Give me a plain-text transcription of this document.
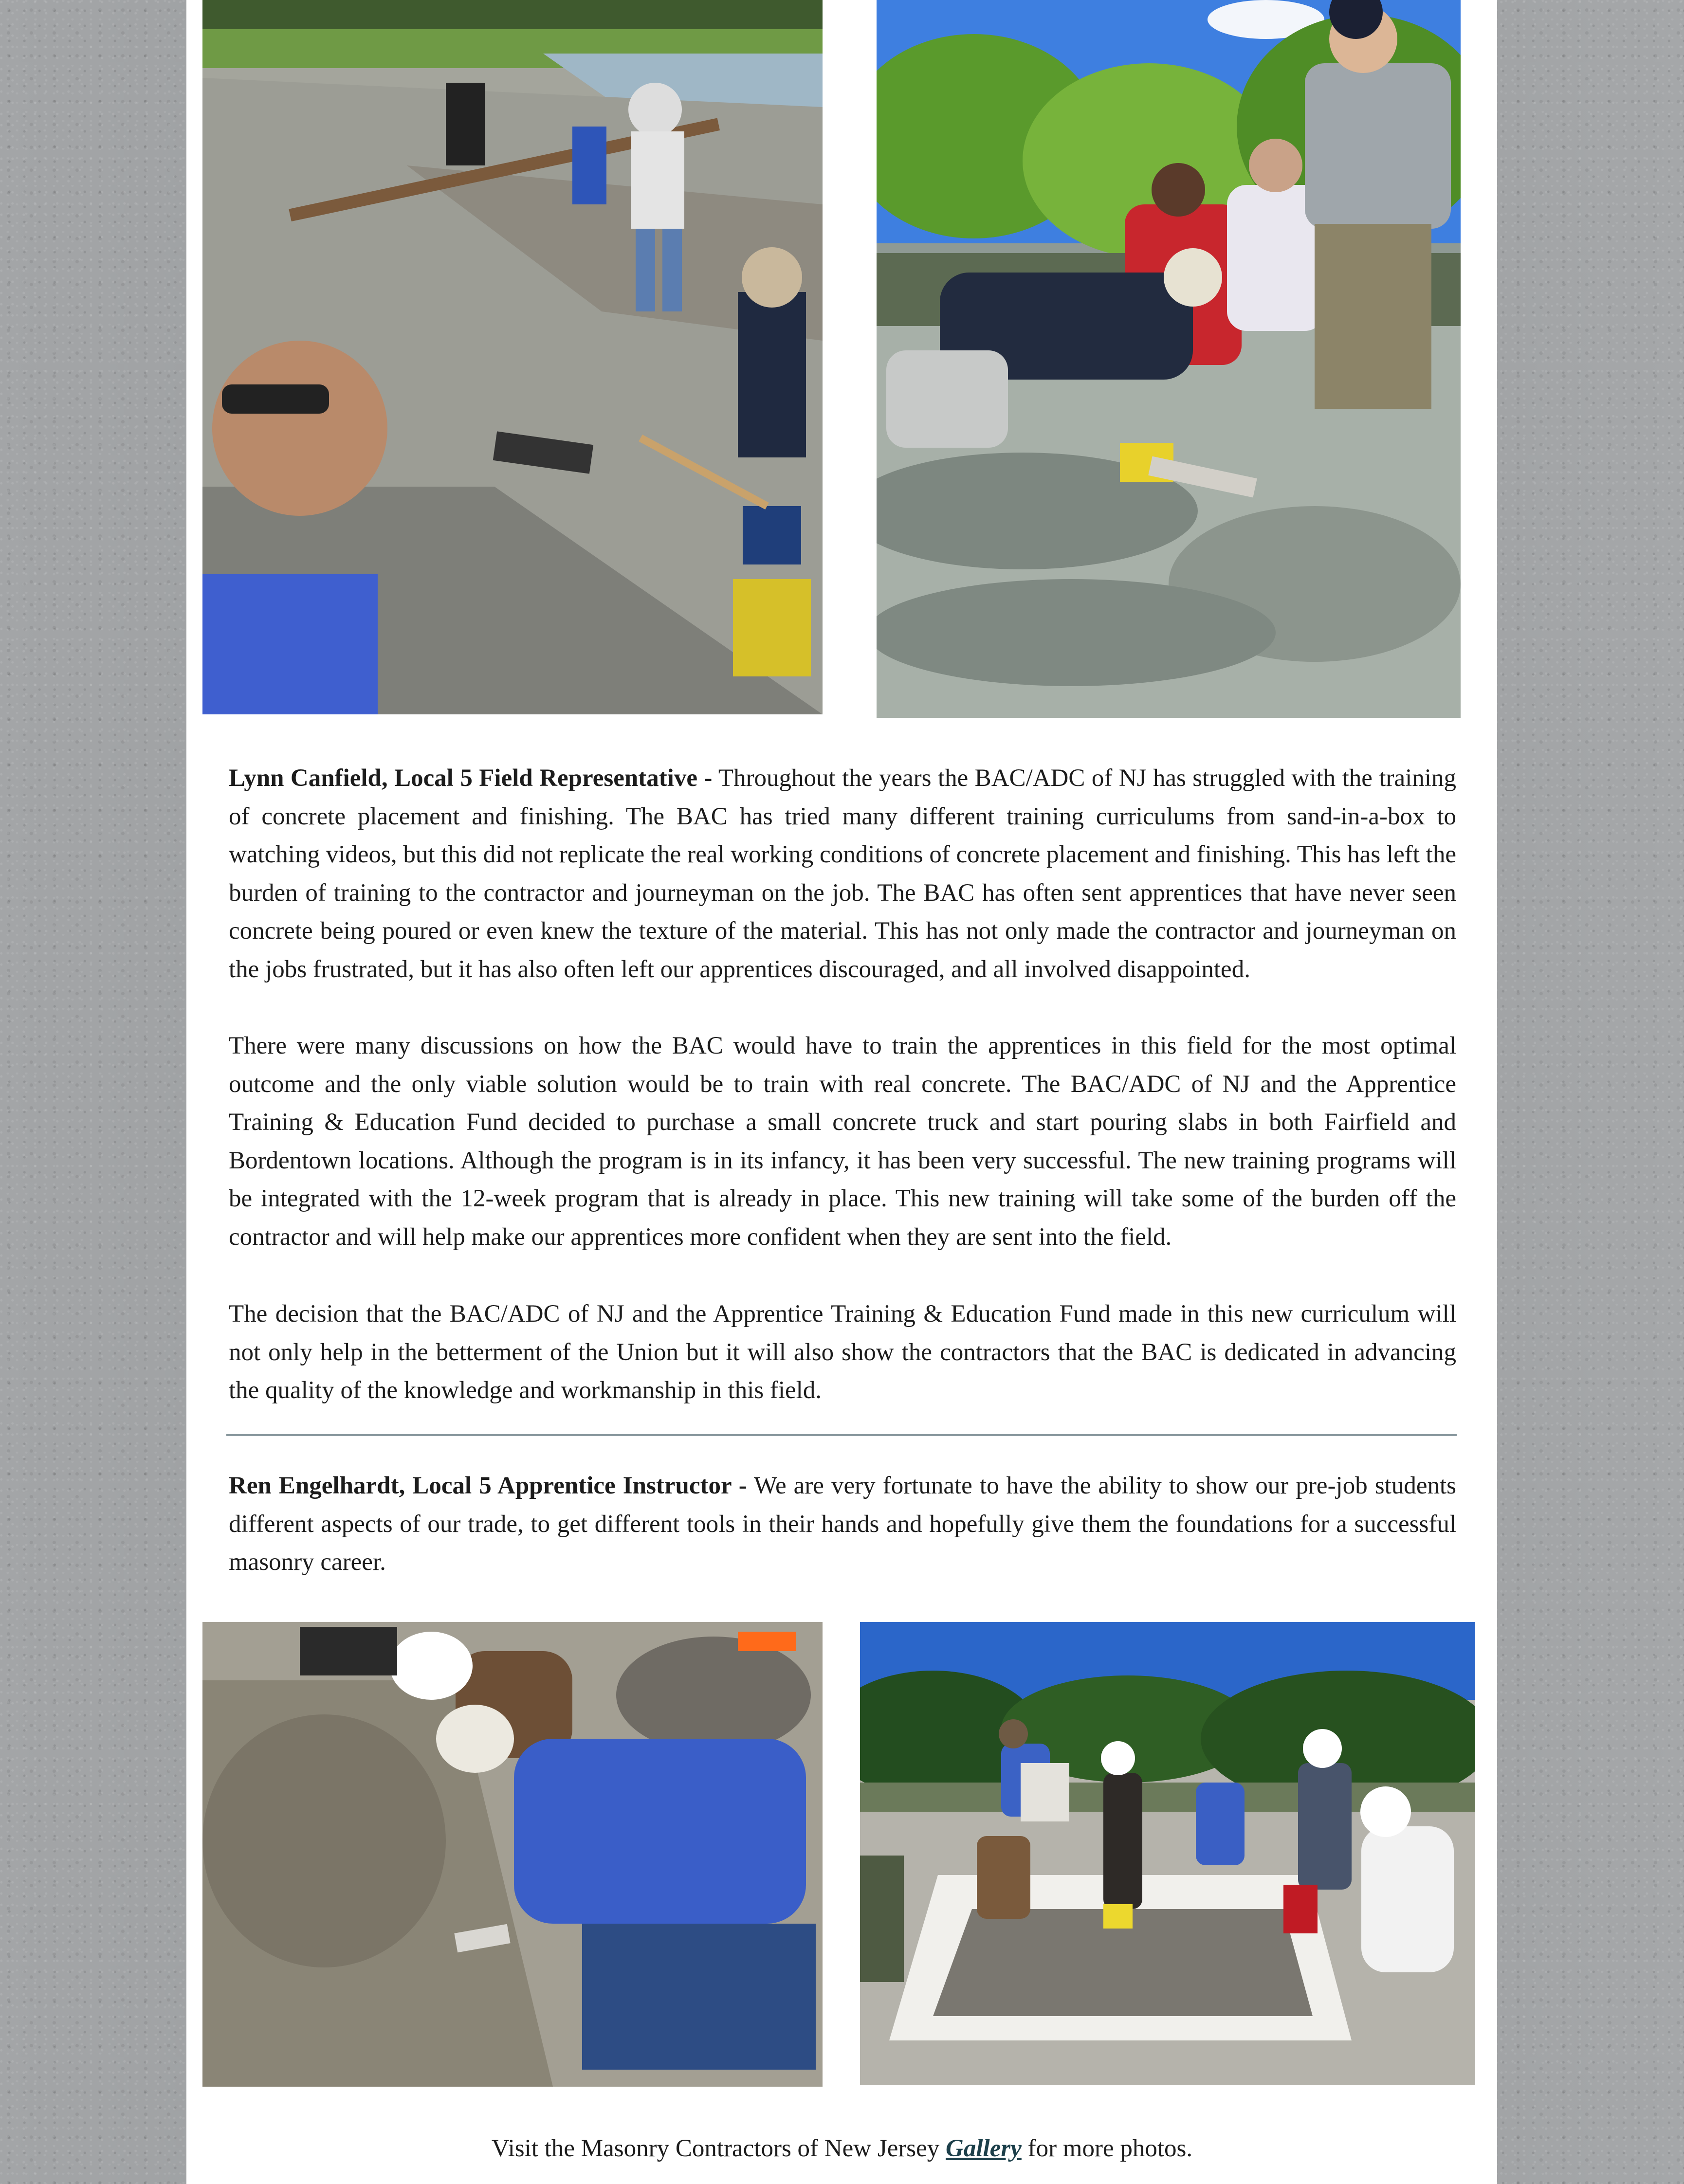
Lynn Canfield, Local 5 Field Representative - Throughout the years the BAC/ADC of NJ has struggled with the training of concrete placement and finishing. The BAC has tried many different training curriculums from sand-in-a-box to watching videos, but this did not replicate the real working conditions of concrete placement and finishing. This has left the burden of training to the contractor and journeyman on the job. The BAC has often sent apprentices that have never seen concrete being poured or even knew the texture of the material. This has not only made the contractor and journeyman on the jobs frustrated, but it has also often left our apprentices discouraged, and all involved disappointed.

There were many discussions on how the BAC would have to train the apprentices in this field for the most optimal outcome and the only viable solution would be to train with real concrete. The BAC/ADC of NJ and the Apprentice Training & Education Fund decided to purchase a small concrete truck and start pouring slabs in both Fairfield and Bordentown locations. Although the program is in its infancy, it has been very successful. The new training programs will be integrated with the 12-week program that is already in place. This new training will take some of the burden off the contractor and will help make our apprentices more confident when they are sent into the field.

The decision that the BAC/ADC of NJ and the Apprentice Training & Education Fund made in this new curriculum will not only help in the betterment of the Union but it will also show the contractors that the BAC is dedicated in advancing the quality of the knowledge and workmanship in this field.

Ren Engelhardt, Local 5 Apprentice Instructor - We are very fortunate to have the ability to show our pre-job students different aspects of our trade, to get different tools in their hands and hopefully give them the foundations for a successful masonry career.

Visit the Masonry Contractors of New Jersey Gallery for more photos.
